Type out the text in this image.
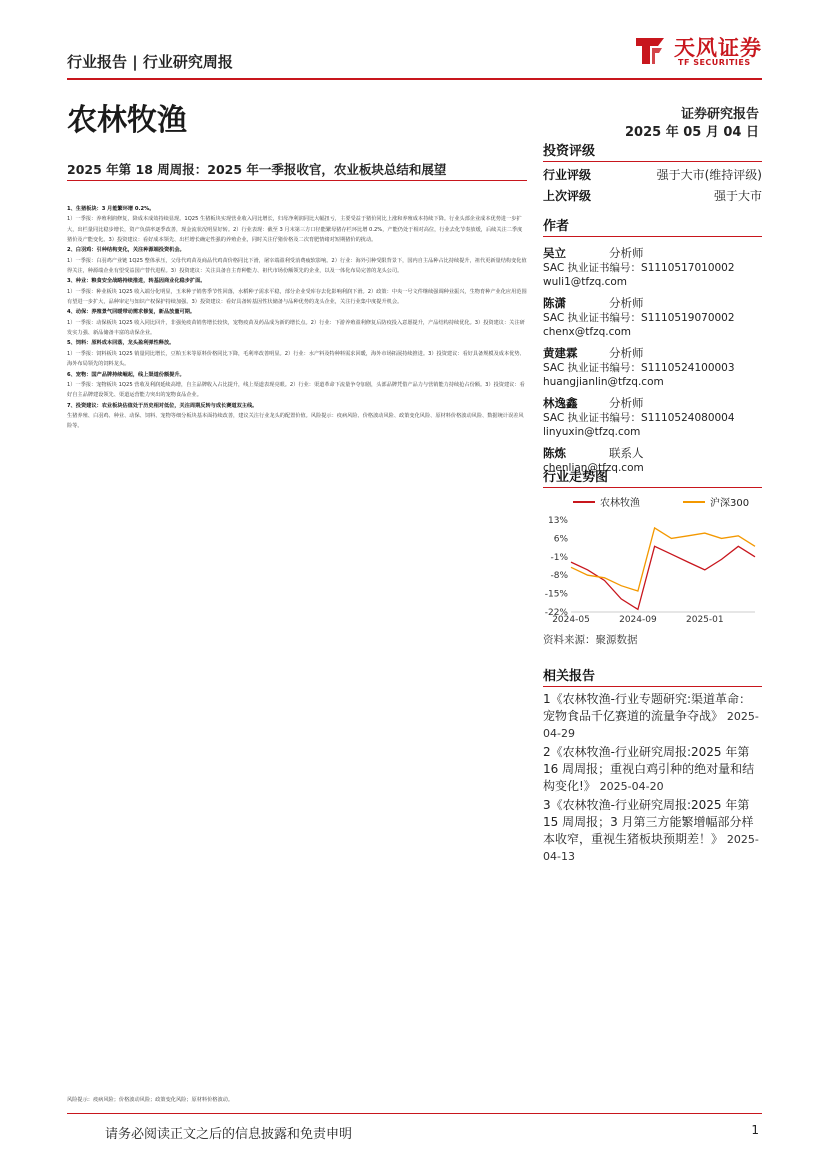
天风证券
TF SECURITIES
行业报告 | 行业研究周报
农林牧渔	证券研究报告
2025 年 05 月 04 日
2025 年第 18 周周报：2025 年一季报收官，农业板块总结和展望

1、生猪板块：3 月能繁环增 0.2%。

1）一季报：养殖利润修复，降成本成效持续显现。1Q25 生猪板块实现营业收入同比增长，归母净利润同比大幅扭亏，主要受益于猪价同比上涨和养殖成本持续下降。行业头部企业成本优势进一步扩大，出栏量同比稳步增长，资产负债率逐季改善，现金流状况明显好转。2）行业表现：截至 3 月末第三方口径能繁母猪存栏环比增 0.2%，产能仍处于相对高位，行业去化节奏放缓，后续关注二季度猪价及产能变化。3）投资建议：看好成本领先、出栏增长确定性强的养殖企业，同时关注仔猪价格及二次育肥情绪对短期猪价的扰动。

2、白羽鸡：引种结构变化，关注种源端投资机会。

1）一季报：白羽鸡产业链 1Q25 整体承压，父母代鸡苗及商品代鸡苗价格同比下滑，屠宰端盈利受消费疲软影响。2）行业：海外引种受限背景下，国内自主品种占比持续提升，祖代更新量结构变化值得关注，种源端企业有望受益国产替代进程。3）投资建议：关注具备自主育种能力、祖代市场份额领先的企业，以及一体化布局完善的龙头公司。

3、种业：粮食安全战略持续推进，转基因商业化稳步扩面。

1）一季报：种业板块 1Q25 收入端分化明显，玉米种子销售季节性回落，水稻种子需求平稳，部分企业受库存去化影响利润下滑。2）政策：中央一号文件继续强调种业振兴，生物育种产业化应用范围有望进一步扩大，品种审定与知识产权保护持续加强。3）投资建议：看好具备转基因性状储备与品种优势的龙头企业，关注行业集中度提升机会。

4、动保：养殖景气回暖带动需求修复，新品放量可期。

1）一季报：动保板块 1Q25 收入同比回升，非强免疫苗销售增长较快，宠物疫苗及药品成为新的增长点。2）行业：下游养殖盈利修复后防疫投入意愿提升，产品结构持续优化。3）投资建议：关注研发实力强、新品储备丰富的动保企业。

5、饲料：原料成本回落，龙头盈利弹性释放。

1）一季报：饲料板块 1Q25 销量同比增长，豆粕玉米等原料价格同比下降，毛利率改善明显。2）行业：水产料及特种料需求回暖，海外市场拓展持续推进。3）投资建议：看好具备规模及成本优势、海外布局领先的饲料龙头。

6、宠物：国产品牌持续崛起，线上渠道份额提升。

1）一季报：宠物板块 1Q25 营收及利润延续高增，自主品牌收入占比提升，线上渠道表现亮眼。2）行业：渠道革命下流量争夺加剧，头部品牌凭借产品力与营销能力持续抢占份额。3）投资建议：看好自主品牌建设领先、渠道运营能力突出的宠物食品企业。

7、投资建议：农业板块估值处于历史相对低位，关注周期反转与成长赛道双主线。

生猪养殖、白羽鸡、种业、动保、饲料、宠物等细分板块基本面持续改善，建议关注行业龙头的配置价值。风险提示：疫病风险、价格波动风险、政策变化风险、原材料价格波动风险、数据统计误差风险等。

风险提示：疫病风险；价格波动风险；政策变化风险；原材料价格波动。
投资评级
行业评级	强于大市(维持评级)
上次评级	强于大市
作者
吴立	分析师
SAC 执业证书编号：S1110517010002
wuli1@tfzq.com
陈潇	分析师
SAC 执业证书编号：S1110519070002
chenx@tfzq.com
黄建霖	分析师
SAC 执业证书编号：S1110524100003
huangjianlin@tfzq.com
林逸鑫	分析师
SAC 执业证书编号：S1110524080004
linyuxin@tfzq.com
陈炼	联系人
chenlian@tfzq.com
行业走势图
农林牧渔	沪深300
13%
6%
-1%
-8%
-15%
-22%
2024-05	2024-09	2025-01
资料来源：聚源数据
相关报告
1《农林牧渔-行业专题研究:渠道革命：宠物食品千亿赛道的流量争夺战》 2025-04-29
2《农林牧渔-行业研究周报:2025 年第16 周周报；重视白鸡引种的绝对量和结构变化!》 2025-04-20
3《农林牧渔-行业研究周报:2025 年第15 周周报；3 月第三方能繁增幅部分样本收窄，重视生猪板块预期差！》 2025-04-13
请务必阅读正文之后的信息披露和免责申明	1
